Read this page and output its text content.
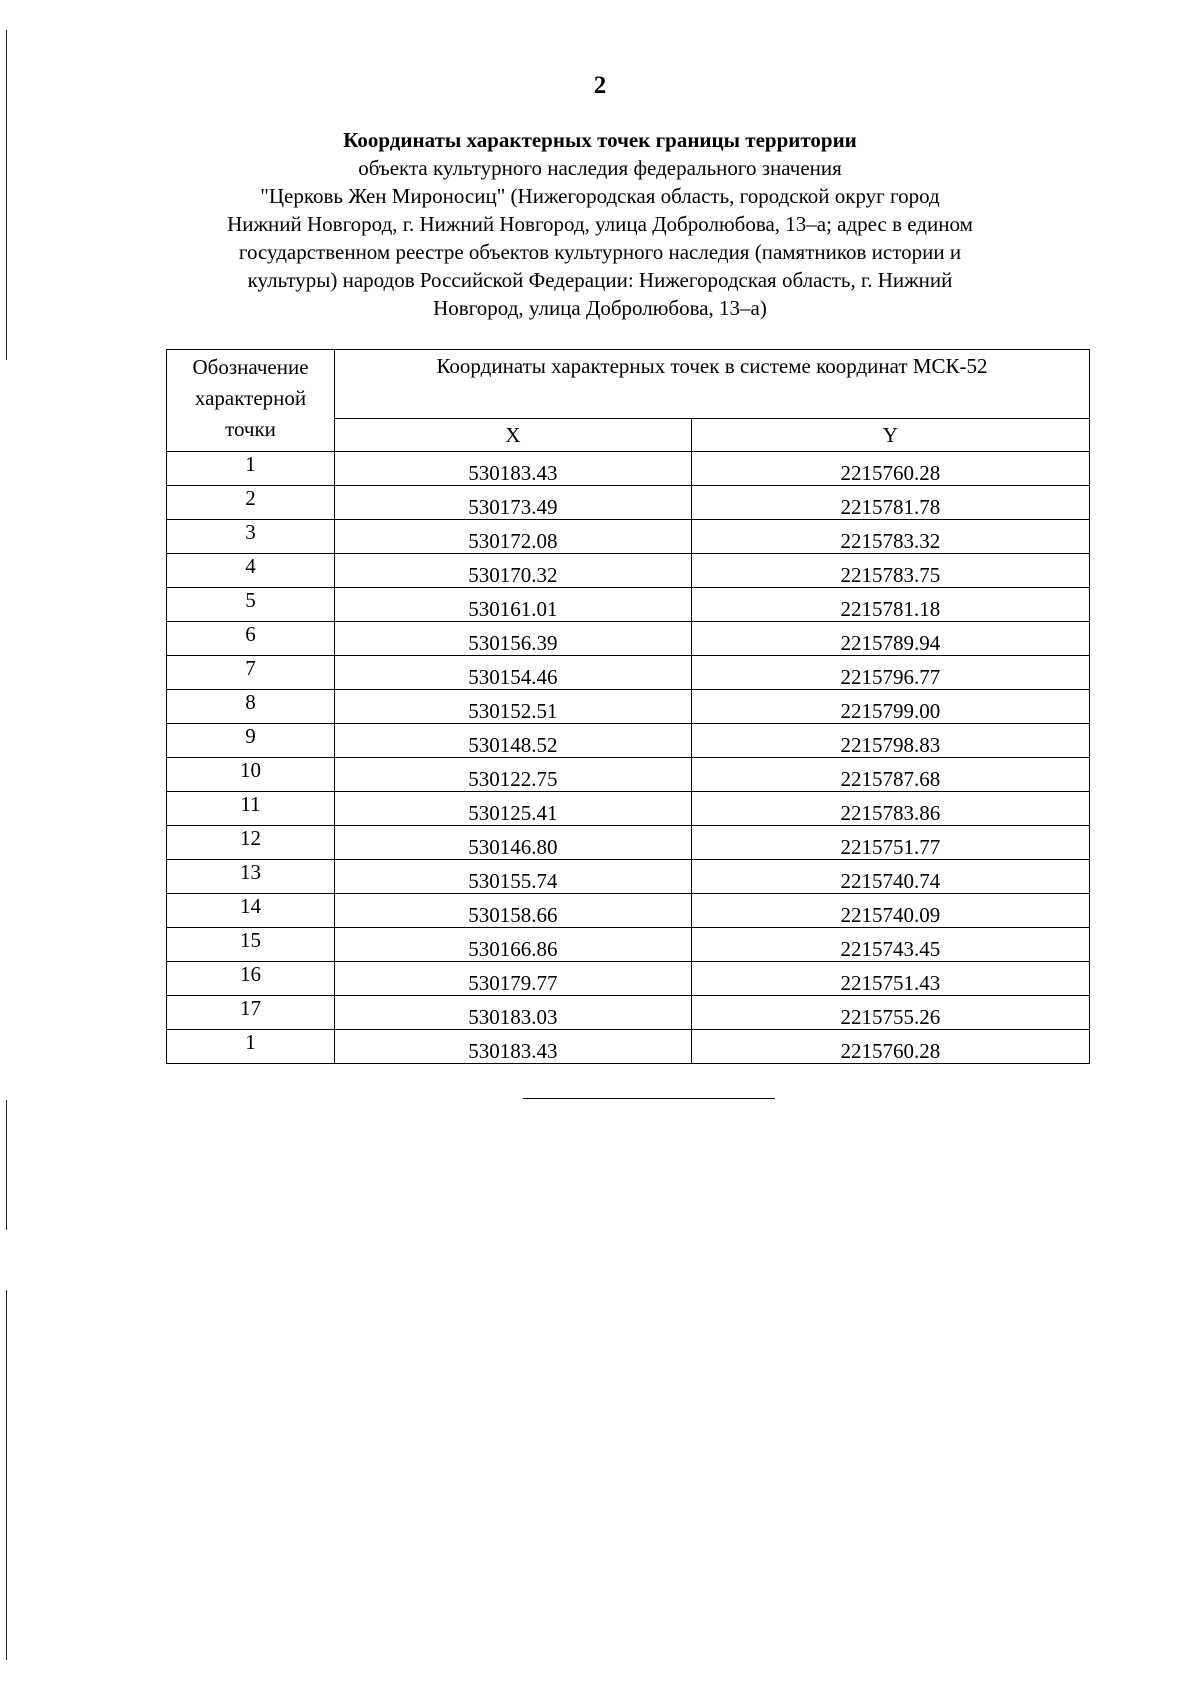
2
Координаты характерных точек границы территории
объекта культурного наследия федерального значения
"Церковь Жен Мироносиц" (Нижегородская область, городской округ город
Нижний Новгород, г. Нижний Новгород, улица Добролюбова, 13–а; адрес в едином
государственном реестре объектов культурного наследия (памятников истории и
культуры) народов Российской Федерации: Нижегородская область, г. Нижний
Новгород, улица Добролюбова, 13–а)
Обозначение характерной точки	Координаты характерных точек в системе координат МСК-52	
	X	Y
1	530183.43	2215760.28
2	530173.49	2215781.78
3	530172.08	2215783.32
4	530170.32	2215783.75
5	530161.01	2215781.18
6	530156.39	2215789.94
7	530154.46	2215796.77
8	530152.51	2215799.00
9	530148.52	2215798.83
10	530122.75	2215787.68
11	530125.41	2215783.86
12	530146.80	2215751.77
13	530155.74	2215740.74
14	530158.66	2215740.09
15	530166.86	2215743.45
16	530179.77	2215751.43
17	530183.03	2215755.26
1	530183.43	2215760.28
